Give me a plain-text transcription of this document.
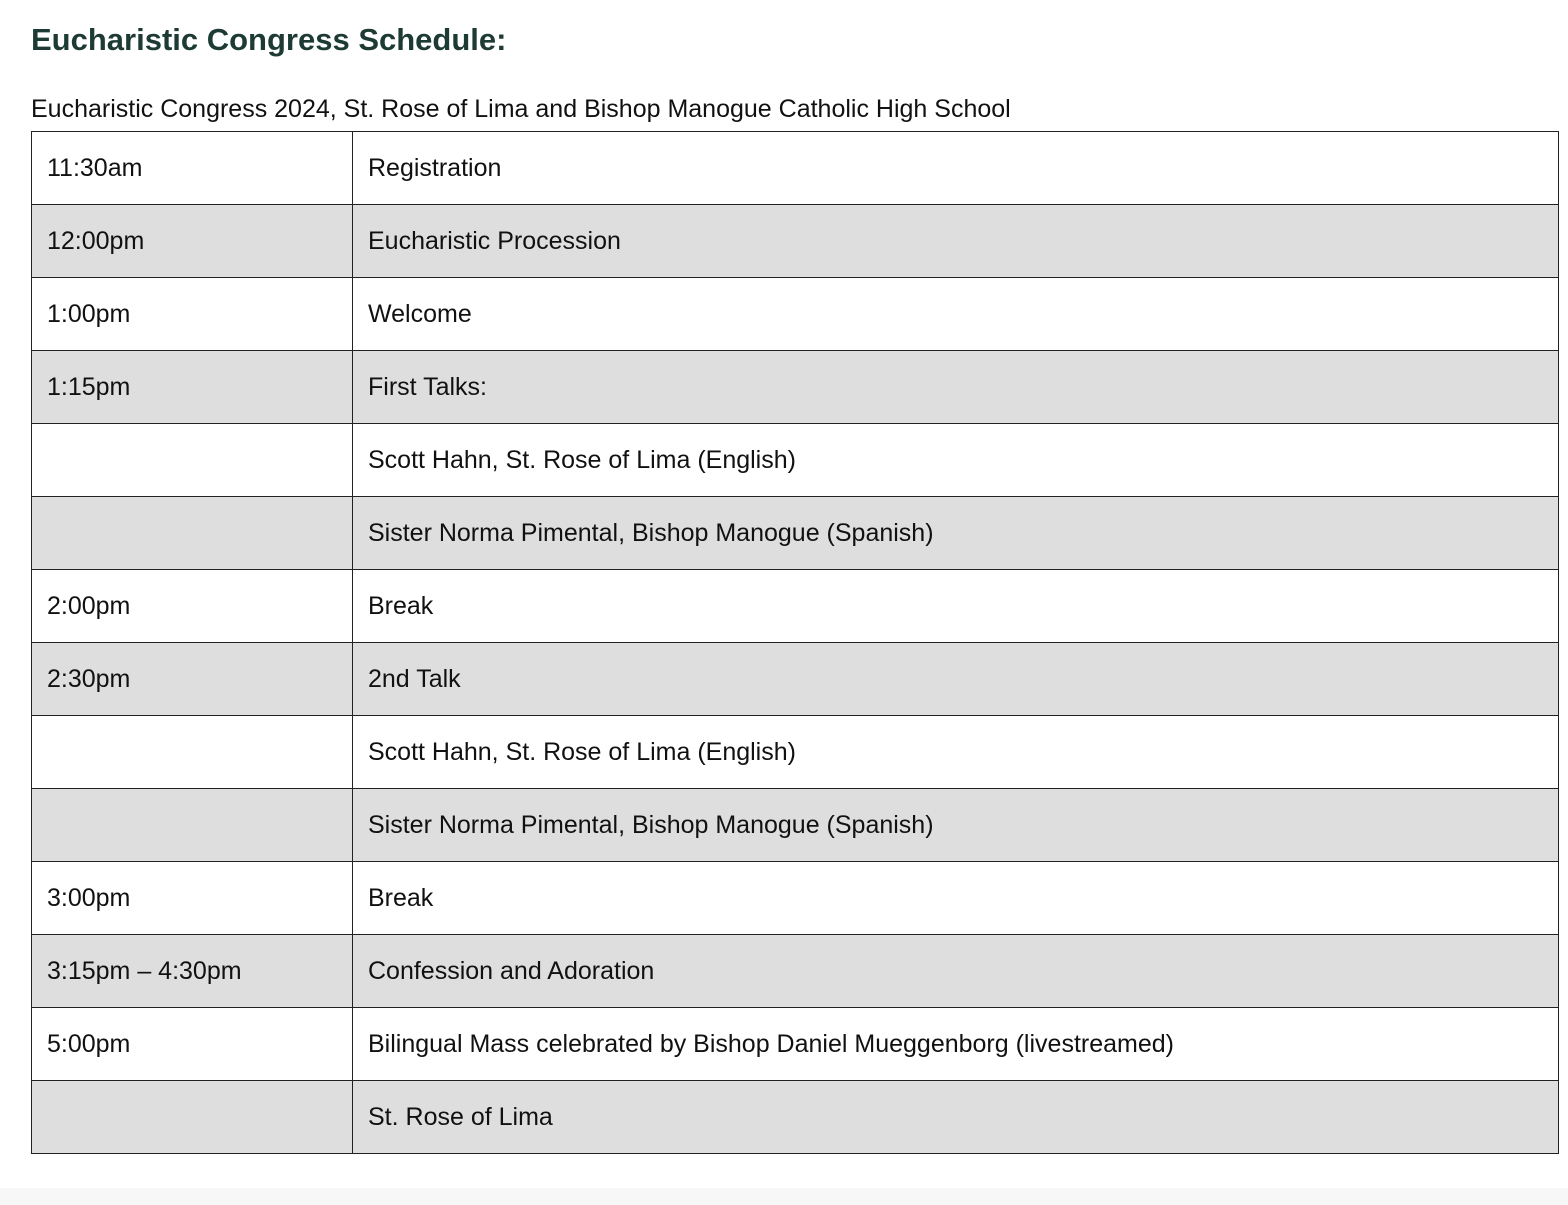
Eucharistic Congress Schedule:

Eucharistic Congress 2024, St. Rose of Lima and Bishop Manogue Catholic High School

11:30am	Registration
12:00pm	Eucharistic Procession
1:00pm	Welcome
1:15pm	First Talks:
	Scott Hahn, St. Rose of Lima (English)
	Sister Norma Pimental, Bishop Manogue (Spanish)
2:00pm	Break
2:30pm	2nd Talk
	Scott Hahn, St. Rose of Lima (English)
	Sister Norma Pimental, Bishop Manogue (Spanish)
3:00pm	Break
3:15pm – 4:30pm	Confession and Adoration
5:00pm	Bilingual Mass celebrated by Bishop Daniel Mueggenborg (livestreamed)
	St. Rose of Lima
